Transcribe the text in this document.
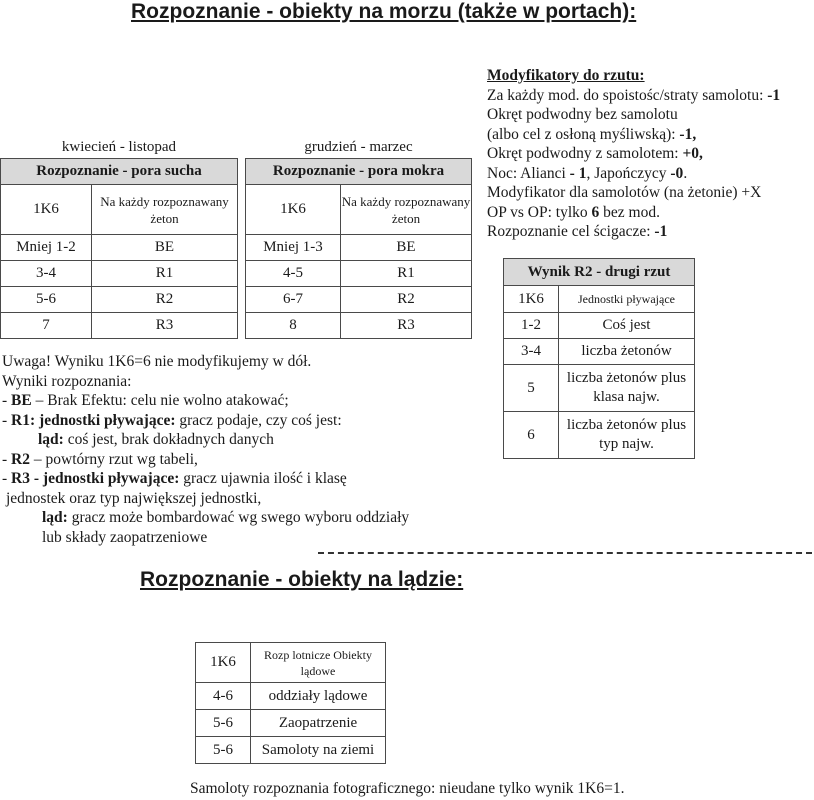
Rozpoznanie - obiekty na morzu (także w portach):
kwiecień - listopad
Rozpoznanie - pora sucha	
1K6	Na każdy rozpoznawany żeton
Mniej 1-2	BE
3-4	R1
5-6	R2
7	R3
grudzień - marzec
Rozpoznanie - pora mokra	
1K6	Na każdy rozpoznawany żeton
Mniej 1-3	BE
4-5	R1
6-7	R2
8	R3
Modyfikatory do rzutu:
Za każdy mod. do spoistośc/straty samolotu: -1
Okręt podwodny bez samolotu
(albo cel z osłoną myśliwską): -1,
Okręt podwodny z samolotem: +0,
Noc: Alianci - 1, Japończycy -0.
Modyfikator dla samolotów (na żetonie) +X
OP vs OP: tylko 6 bez mod.
Rozpoznanie cel ścigacze: -1
Wynik R2 - drugi rzut	
1K6	Jednostki pływające
1-2	Coś jest
3-4	liczba żetonów
5	liczba żetonów plus klasa najw.
6	liczba żetonów plus typ najw.
Uwaga! Wyniku 1K6=6 nie modyfikujemy w dół.
Wyniki rozpoznania:
- BE – Brak Efektu: celu nie wolno atakować;
- R1: jednostki pływające: gracz podaje, czy coś jest:
ląd: coś jest, brak dokładnych danych
- R2 – powtórny rzut wg tabeli,
- R3 - jednostki pływające: gracz ujawnia ilość i klasę
jednostek oraz typ największej jednostki,
ląd: gracz może bombardować wg swego wyboru oddziały
lub składy zaopatrzeniowe
Rozpoznanie - obiekty na lądzie:
1K6	Rozp lotnicze Obiekty lądowe
4-6	oddziały lądowe
5-6	Zaopatrzenie
5-6	Samoloty na ziemi
Samoloty rozpoznania fotograficznego: nieudane tylko wynik 1K6=1.
